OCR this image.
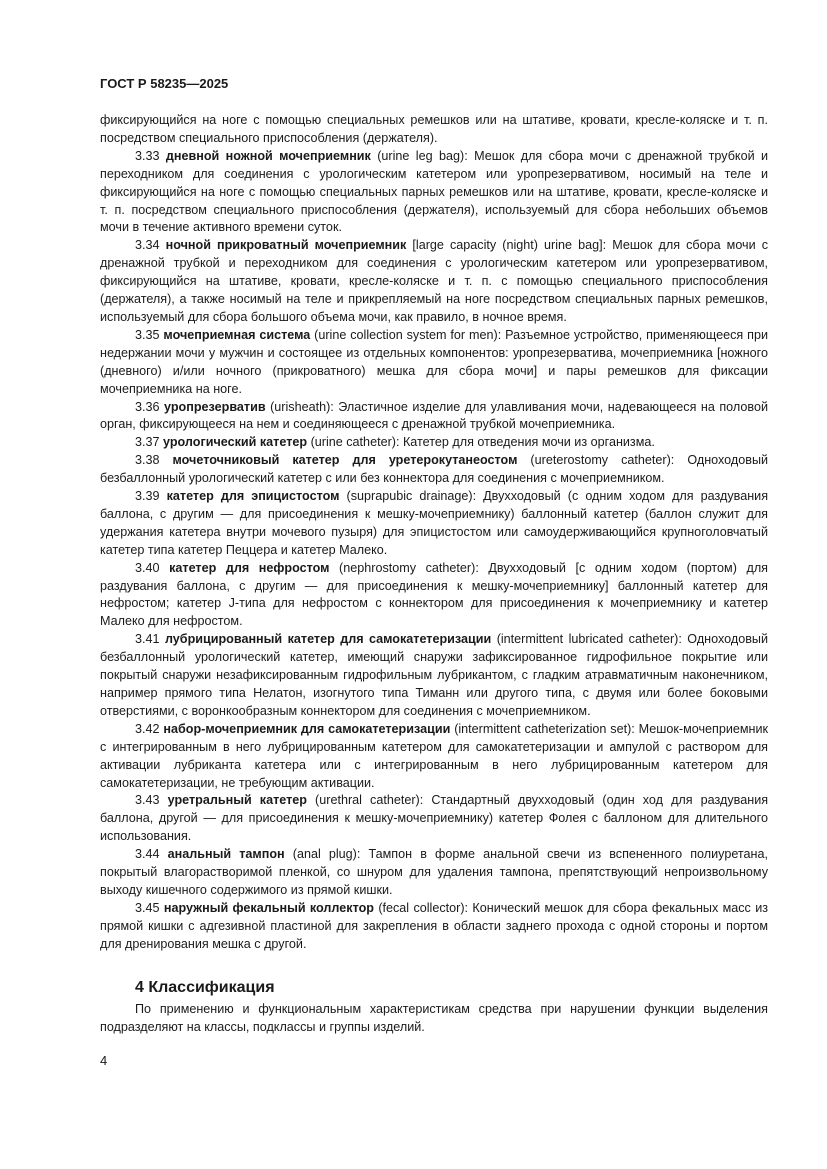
ГОСТ Р 58235—2025

фиксирующийся на ноге с помощью специальных ремешков или на штативе, кровати, кресле-коляске и т. п. посредством специального приспособления (держателя).

3.33 дневной ножной мочеприемник (urine leg bag): Мешок для сбора мочи с дренажной трубкой и переходником для соединения с урологическим катетером или уропрезервативом, носимый на теле и фиксирующийся на ноге с помощью специальных парных ремешков или на штативе, кровати, кресле-коляске и т. п. посредством специального приспособления (держателя), используемый для сбора небольших объемов мочи в течение активного времени суток.

3.34 ночной прикроватный мочеприемник [large capacity (night) urine bag]: Мешок для сбора мочи с дренажной трубкой и переходником для соединения с урологическим катетером или уропрезервативом, фиксирующийся на штативе, кровати, кресле-коляске и т. п. с помощью специального приспособления (держателя), а также носимый на теле и прикрепляемый на ноге посредством специальных парных ремешков, используемый для сбора большого объема мочи, как правило, в ночное время.

3.35 мочеприемная система (urine collection system for men): Разъемное устройство, применяющееся при недержании мочи у мужчин и состоящее из отдельных компонентов: уропрезерватива, мочеприемника [ножного (дневного) и/или ночного (прикроватного) мешка для сбора мочи] и пары ремешков для фиксации мочеприемника на ноге.

3.36 уропрезерватив (urisheath): Эластичное изделие для улавливания мочи, надевающееся на половой орган, фиксирующееся на нем и соединяющееся с дренажной трубкой мочеприемника.

3.37 урологический катетер (urine catheter): Катетер для отведения мочи из организма.

3.38 мочеточниковый катетер для уретерокутанеостом (ureterostomy catheter): Одноходовый безбаллонный урологический катетер с или без коннектора для соединения с мочеприемником.

3.39 катетер для эпицистостом (suprapubic drainage): Двухходовый (с одним ходом для раздувания баллона, с другим — для присоединения к мешку-мочеприемнику) баллонный катетер (баллон служит для удержания катетера внутри мочевого пузыря) для эпицистостом или самоудерживающийся крупноголовчатый катетер типа катетер Пеццера и катетер Малеко.

3.40 катетер для нефростом (nephrostomy catheter): Двухходовый [с одним ходом (портом) для раздувания баллона, с другим — для присоединения к мешку-мочеприемнику] баллонный катетер для нефростом; катетер J-типа для нефростом с коннектором для присоединения к мочеприемнику и катетер Малеко для нефростом.

3.41 лубрицированный катетер для самокатетеризации (intermittent lubricated catheter): Одноходовый безбаллонный урологический катетер, имеющий снаружи зафиксированное гидрофильное покрытие или покрытый снаружи незафиксированным гидрофильным лубрикантом, с гладким атравматичным наконечником, например прямого типа Нелатон, изогнутого типа Тиманн или другого типа, с двумя или более боковыми отверстиями, с воронкообразным коннектором для соединения с мочеприемником.

3.42 набор-мочеприемник для самокатетеризации (intermittent catheterization set): Мешок-мочеприемник с интегрированным в него лубрицированным катетером для самокатетеризации и ампулой с раствором для активации лубриканта катетера или с интегрированным в него лубрицированным катетером для самокатетеризации, не требующим активации.

3.43 уретральный катетер (urethral catheter): Стандартный двухходовый (один ход для раздувания баллона, другой — для присоединения к мешку-мочеприемнику) катетер Фолея с баллоном для длительного использования.

3.44 анальный тампон (anal plug): Тампон в форме анальной свечи из вспененного полиуретана, покрытый влагорастворимой пленкой, со шнуром для удаления тампона, препятствующий непроизвольному выходу кишечного содержимого из прямой кишки.

3.45 наружный фекальный коллектор (fecal collector): Конический мешок для сбора фекальных масс из прямой кишки с адгезивной пластиной для закрепления в области заднего прохода с одной стороны и портом для дренирования мешка с другой.

4 Классификация

По применению и функциональным характеристикам средства при нарушении функции выделения подразделяют на классы, подклассы и группы изделий.

4
